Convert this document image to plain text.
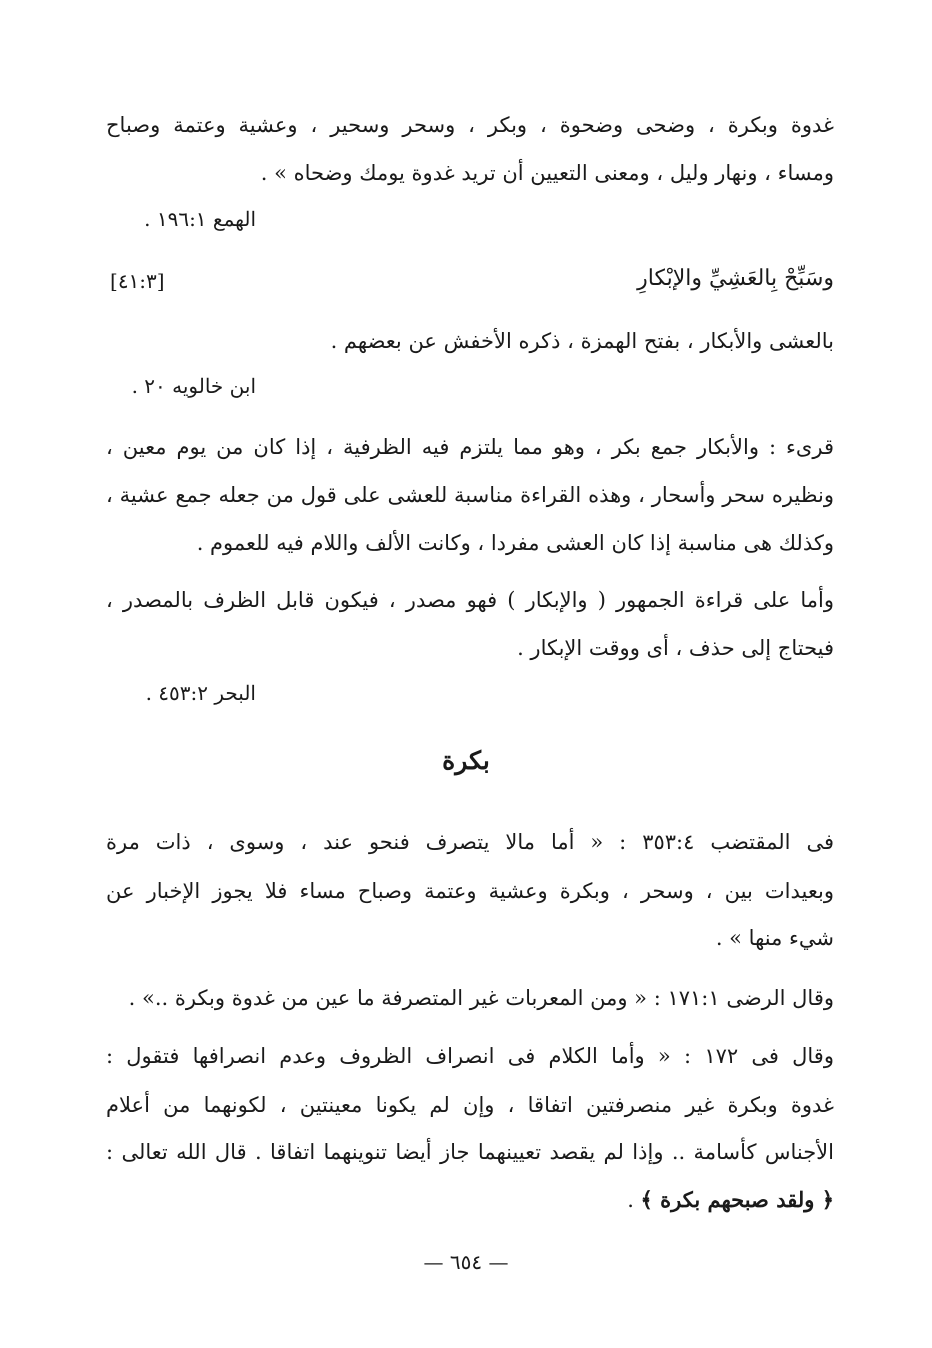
غدوة وبكرة ، وضحى وضحوة ، وبكر ، وسحر وسحير ، وعشية وعتمة وصباح
ومساء ، ونهار وليل ، ومعنى التعيين أن تريد غدوة يومك وضحاه » .
الهمع ١٩٦:١ .
وسَبِّحْ بِالعَشِيِّ والإبْكارِ
[٤١:٣]
بالعشى والأبكار ، بفتح الهمزة ، ذكره الأخفش عن بعضهم .
ابن خالويه ٢٠ .
قرىء : والأبكار جمع بكر ، وهو مما يلتزم فيه الظرفية ، إذا كان من يوم معين ،
ونظيره سحر وأسحار ، وهذه القراءة مناسبة للعشى على قول من جعله جمع عشية ،
وكذلك هى مناسبة إذا كان العشى مفردا ، وكانت الألف واللام فيه للعموم .
وأما على قراءة الجمهور ( والإبكار ) فهو مصدر ، فيكون قابل الظرف بالمصدر ،
فيحتاج إلى حذف ، أى ووقت الإبكار .
البحر ٤٥٣:٢ .
بكرة
فى المقتضب ٣٥٣:٤ : « أما مالا يتصرف فنحو عند ، وسوى ، ذات مرة
وبعيدات بين ، وسحر ، وبكرة وعشية وعتمة وصباح مساء فلا يجوز الإخبار عن
شيء منها » .
وقال الرضى ١٧١:١ : « ومن المعربات غير المتصرفة ما عين من غدوة وبكرة ..» .
وقال فى ١٧٢ : « وأما الكلام فى انصراف الظروف وعدم انصرافها فتقول :
غدوة وبكرة غير منصرفتين اتفاقا ، وإن لم يكونا معينتين ، لكونهما من أعلام
الأجناس كأسامة .. وإذا لم يقصد تعيينهما جاز أيضا تنوينهما اتفاقا . قال الله تعالى :
﴿ ولقد صبحهم بكرة ﴾ .
— ٦٥٤ —
